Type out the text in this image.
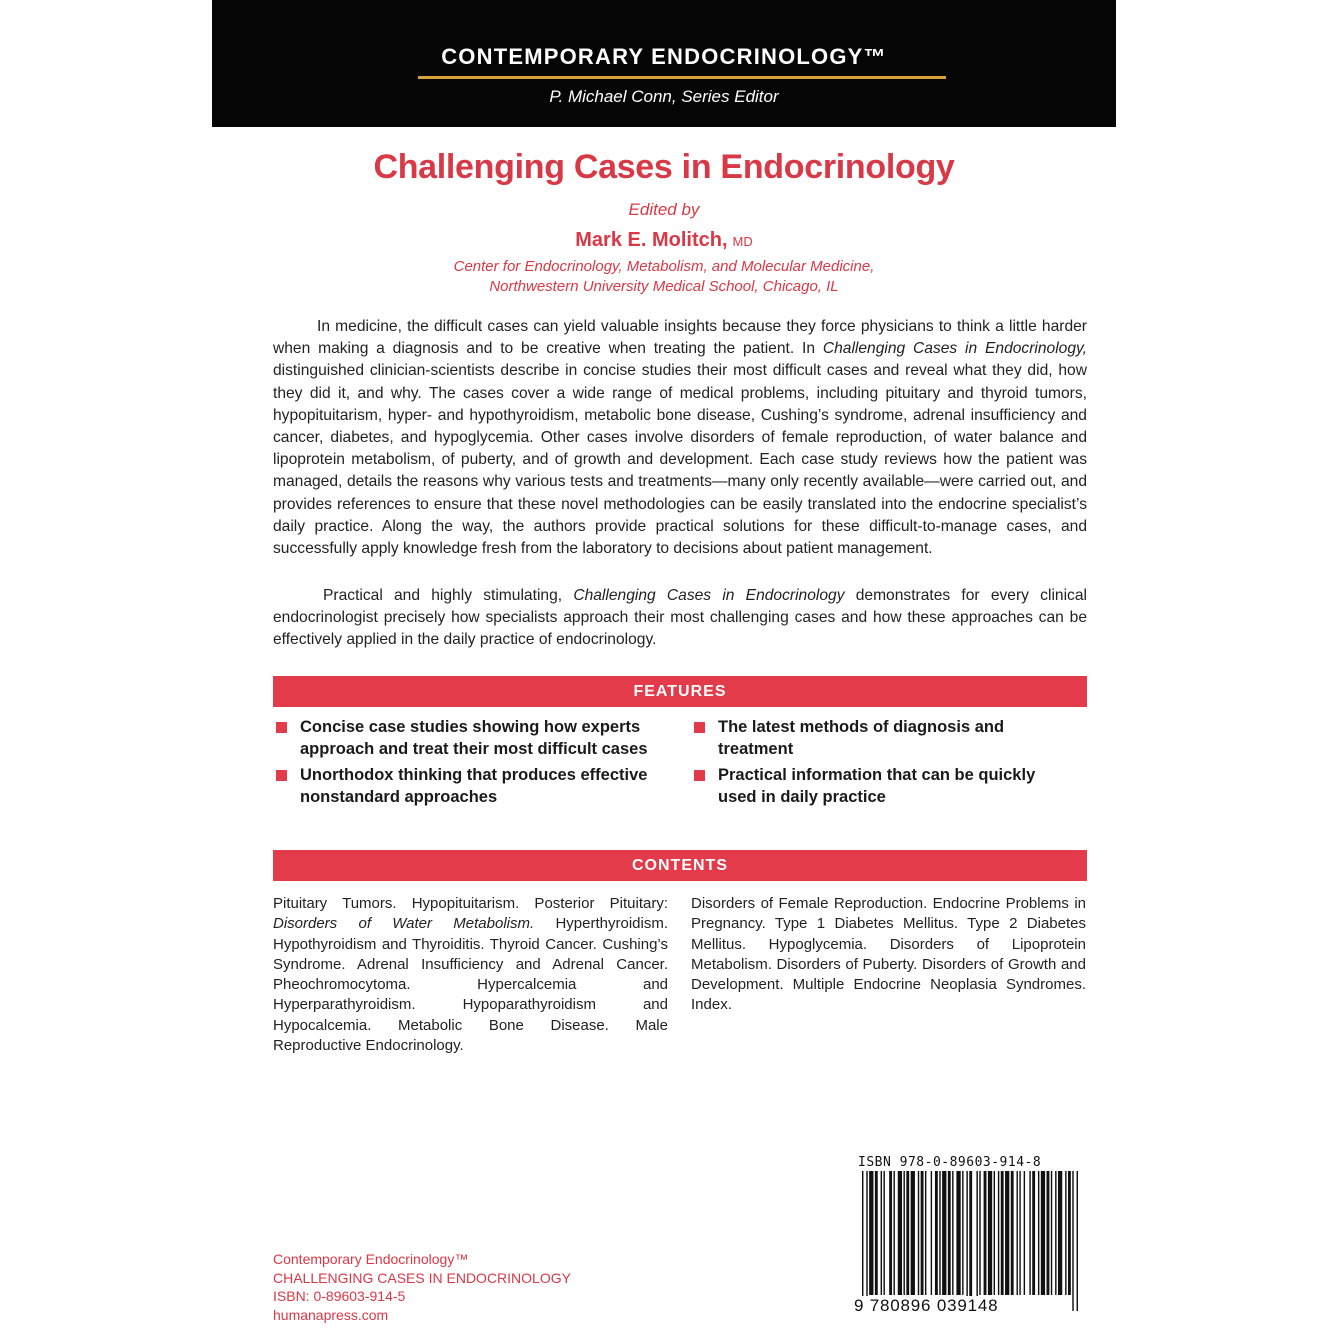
CONTEMPORARY ENDOCRINOLOGY™
P. Michael Conn, Series Editor
Challenging Cases in Endocrinology
Edited by
Mark E. Molitch, MD
Center for Endocrinology, Metabolism, and Molecular Medicine,
Northwestern University Medical School, Chicago, IL
In medicine, the difficult cases can yield valuable insights because they force physicians to think a little harder when making a diagnosis and to be creative when treating the patient. In Challenging Cases in Endocrinology, distinguished clinician-scientists describe in concise studies their most difficult cases and reveal what they did, how they did it, and why. The cases cover a wide range of medical problems, including pituitary and thyroid tumors, hypopituitarism, hyper- and hypothyroidism, metabolic bone disease, Cushing’s syndrome, adrenal insufficiency and cancer, diabetes, and hypoglycemia. Other cases involve disorders of female reproduction, of water balance and lipoprotein metabolism, of puberty, and of growth and development. Each case study reviews how the patient was managed, details the reasons why various tests and treatments—many only recently available—were carried out, and provides references to ensure that these novel methodologies can be easily translated into the endocrine specialist’s daily practice. Along the way, the authors provide practical solutions for these difficult-to-manage cases, and successfully apply knowledge fresh from the laboratory to decisions about patient management.
Practical and highly stimulating, Challenging Cases in Endocrinology demonstrates for every clinical endocrinologist precisely how specialists approach their most challenging cases and how these approaches can be effectively applied in the daily practice of endocrinology.
FEATURES
Concise case studies showing how experts approach and treat their most difficult cases
Unorthodox thinking that produces effective nonstandard approaches
The latest methods of diagnosis and treatment
Practical information that can be quickly used in daily practice
CONTENTS
Pituitary Tumors. Hypopituitarism. Posterior Pituitary: Disorders of Water Metabolism. Hyperthyroidism. Hypothyroidism and Thyroiditis. Thyroid Cancer. Cushing’s Syndrome. Adrenal Insufficiency and Adrenal Cancer. Pheochromocytoma. Hypercalcemia and Hyperparathyroidism. Hypoparathyroidism and Hypocalcemia. Metabolic Bone Disease. Male Reproductive Endocrinology.
Disorders of Female Reproduction. Endocrine Problems in Pregnancy. Type 1 Diabetes Mellitus. Type 2 Diabetes Mellitus. Hypoglycemia. Disorders of Lipoprotein Metabolism. Disorders of Puberty. Disorders of Growth and Development. Multiple Endocrine Neoplasia Syndromes. Index.
Contemporary Endocrinology™
CHALLENGING CASES IN ENDOCRINOLOGY
ISBN: 0-89603-914-5
humanapress.com
ISBN 978-0-89603-914-8
9 780896 039148
